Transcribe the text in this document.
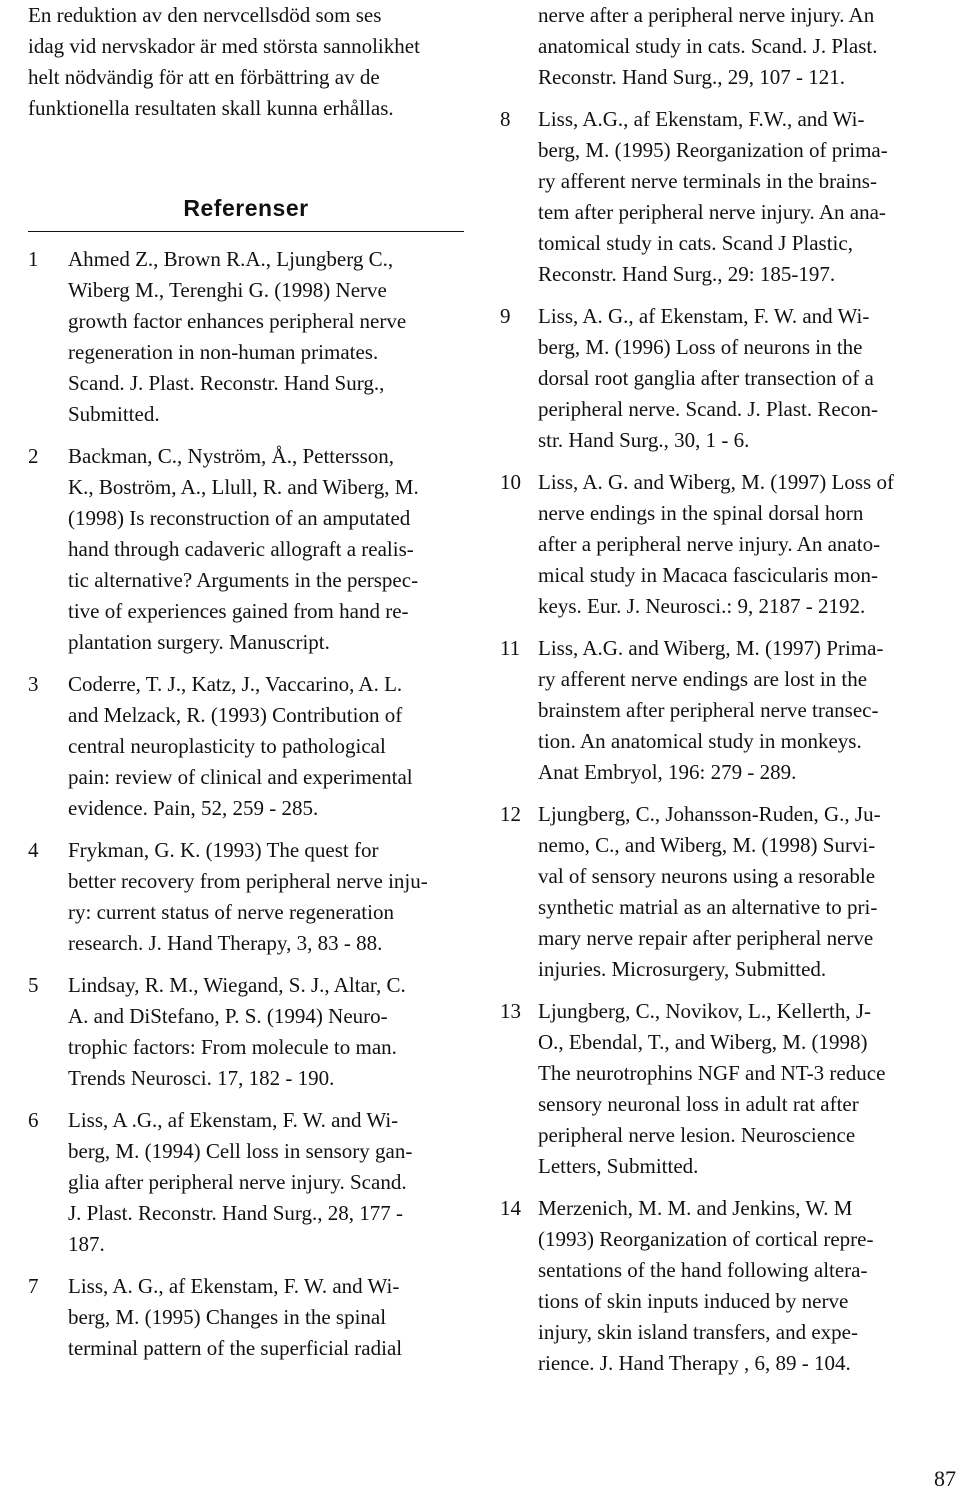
En reduktion av den nervcellsdöd som ses
idag vid nervskador är med största sannolikhet
helt nödvändig för att en förbättring av de
funktionella resultaten skall kunna erhållas.

Referenser
1	Ahmed Z., Brown R.A., Ljungberg C.,
Wiberg M., Terenghi G. (1998) Nerve
growth factor enhances peripheral nerve
regeneration in non-human primates.
Scand. J. Plast. Reconstr. Hand Surg.,
Submitted.
2	Backman, C., Nyström, Å., Pettersson,
K., Boström, A., Llull, R. and Wiberg, M.
(1998) Is reconstruction of an amputated
hand through cadaveric allograft a realis-
tic alternative? Arguments in the perspec-
tive of experiences gained from hand re-
plantation surgery. Manuscript.
3	Coderre, T. J., Katz, J., Vaccarino, A. L.
and Melzack, R. (1993) Contribution of
central neuroplasticity to pathological
pain: review of clinical and experimental
evidence. Pain, 52, 259 - 285.
4	Frykman, G. K. (1993) The quest for
better recovery from peripheral nerve inju-
ry: current status of nerve regeneration
research. J. Hand Therapy, 3, 83 - 88.
5	Lindsay, R. M., Wiegand, S. J., Altar, C.
A. and DiStefano, P. S. (1994) Neuro-
trophic factors: From molecule to man.
Trends Neurosci. 17, 182 - 190.
6	Liss, A .G., af Ekenstam, F. W. and Wi-
berg, M. (1994) Cell loss in sensory gan-
glia after peripheral nerve injury. Scand.
J. Plast. Reconstr. Hand Surg., 28, 177 -
187.
7	Liss, A. G., af Ekenstam, F. W. and Wi-
berg, M. (1995) Changes in the spinal
terminal pattern of the superficial radial
nerve after a peripheral nerve injury. An
anatomical study in cats. Scand. J. Plast.
Reconstr. Hand Surg., 29, 107 - 121.
8	Liss, A.G., af Ekenstam, F.W., and Wi-
berg, M. (1995) Reorganization of prima-
ry afferent nerve terminals in the brains-
tem after peripheral nerve injury. An ana-
tomical study in cats. Scand J Plastic,
Reconstr. Hand Surg., 29: 185-197.
9	Liss, A. G., af Ekenstam, F. W. and Wi-
berg, M. (1996) Loss of neurons in the
dorsal root ganglia after transection of a
peripheral nerve. Scand. J. Plast. Recon-
str. Hand Surg., 30, 1 - 6.
10 Liss, A. G. and Wiberg, M. (1997) Loss of
nerve endings in the spinal dorsal horn
after a peripheral nerve injury. An anato-
mical study in Macaca fascicularis mon-
keys. Eur. J. Neurosci.: 9, 2187 - 2192.
11 Liss, A.G. and Wiberg, M. (1997) Prima-
ry afferent nerve endings are lost in the
brainstem after peripheral nerve transec-
tion. An anatomical study in monkeys.
Anat Embryol, 196: 279 - 289.
12 Ljungberg, C., Johansson-Ruden, G., Ju-
nemo, C., and Wiberg, M. (1998) Survi-
val of sensory neurons using a resorable
synthetic matrial as an alternative to pri-
mary nerve repair after peripheral nerve
injuries. Microsurgery, Submitted.
13 Ljungberg, C., Novikov, L., Kellerth, J-
O., Ebendal, T., and Wiberg, M. (1998)
The neurotrophins NGF and NT-3 reduce
sensory neuronal loss in adult rat after
peripheral nerve lesion. Neuroscience
Letters, Submitted.
14 Merzenich, M. M. and Jenkins, W. M
(1993) Reorganization of cortical repre-
sentations of the hand following altera-
tions of skin inputs induced by nerve
injury, skin island transfers, and expe-
rience. J. Hand Therapy , 6, 89 - 104.
87
